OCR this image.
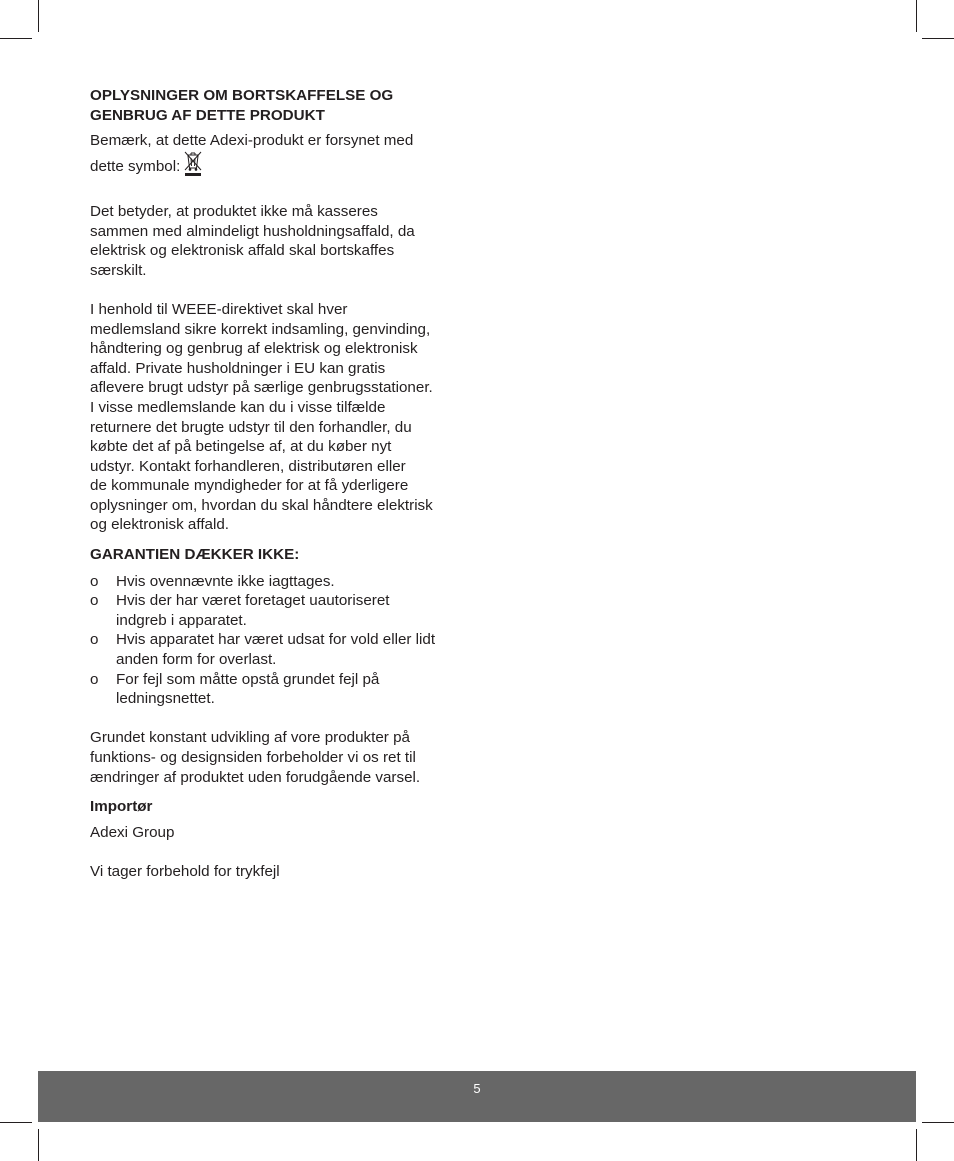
OPLYSNINGER OM BORTSKAFFELSE OG
GENBRUG AF DETTE PRODUKT

Bemærk, at dette Adexi-produkt er forsynet med
dette symbol:

Det betyder, at produktet ikke må kasseres
sammen med almindeligt husholdningsaffald, da
elektrisk og elektronisk affald skal bortskaffes
særskilt.

I henhold til WEEE-direktivet skal hver
medlemsland sikre korrekt indsamling, genvinding,
håndtering og genbrug af elektrisk og elektronisk
affald. Private husholdninger i EU kan gratis
aflevere brugt udstyr på særlige genbrugsstationer.
I visse medlemslande kan du i visse tilfælde
returnere det brugte udstyr til den forhandler, du
købte det af på betingelse af, at du køber nyt
udstyr. Kontakt forhandleren, distributøren eller
de kommunale myndigheder for at få yderligere
oplysninger om, hvordan du skal håndtere elektrisk
og elektronisk affald.

GARANTIEN DÆKKER IKKE:

o Hvis ovennævnte ikke iagttages.
o Hvis der har været foretaget uautoriseret
indgreb i apparatet.
o Hvis apparatet har været udsat for vold eller lidt
anden form for overlast.
o For fejl som måtte opstå grundet fejl på
ledningsnettet.

Grundet konstant udvikling af vore produkter på
funktions- og designsiden forbeholder vi os ret til
ændringer af produktet uden forudgående varsel.

Importør

Adexi Group

Vi tager forbehold for trykfejl

5
